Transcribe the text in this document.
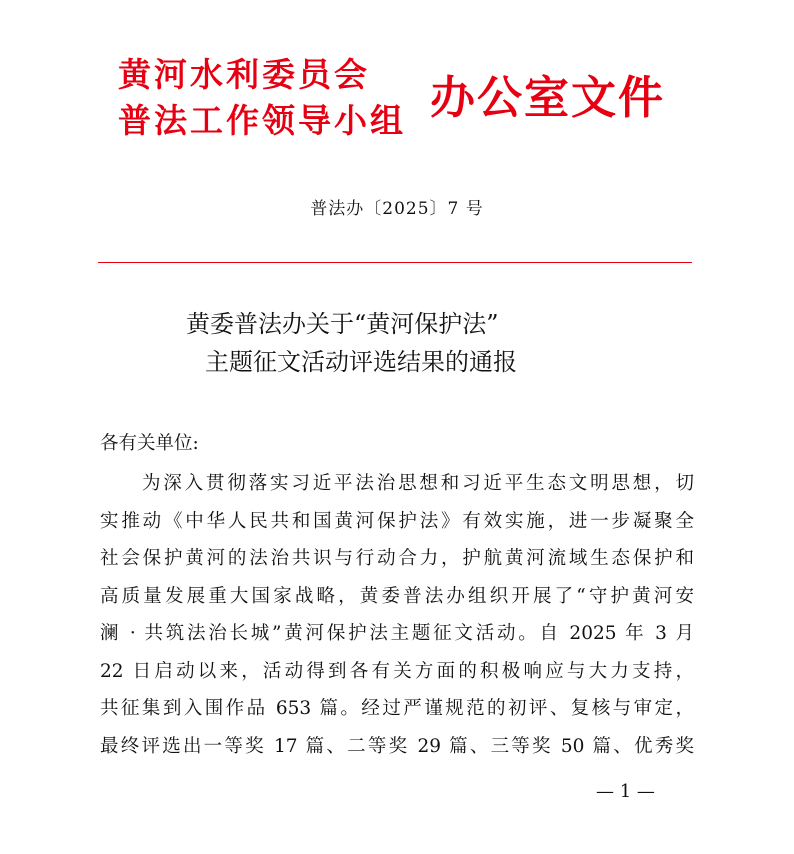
黄河水利委员会
普法工作领导小组 办公室文件
普法办〔2025〕7 号
黄委普法办关于“黄河保护法”
主题征文活动评选结果的通报
各有关单位:
为深入贯彻落实习近平法治思想和习近平生态文明思想，切
实推动《中华人民共和国黄河保护法》有效实施，进一步凝聚全
社会保护黄河的法治共识与行动合力，护航黄河流域生态保护和
高质量发展重大国家战略，黄委普法办组织开展了“守护黄河安
澜 · 共筑法治长城”黄河保护法主题征文活动。自 2025 年 3 月
22 日启动以来，活动得到各有关方面的积极响应与大力支持，
共征集到入围作品 653 篇。经过严谨规范的初评、复核与审定，
最终评选出一等奖 17 篇、二等奖 29 篇、三等奖 50 篇、优秀奖
— 1 —
